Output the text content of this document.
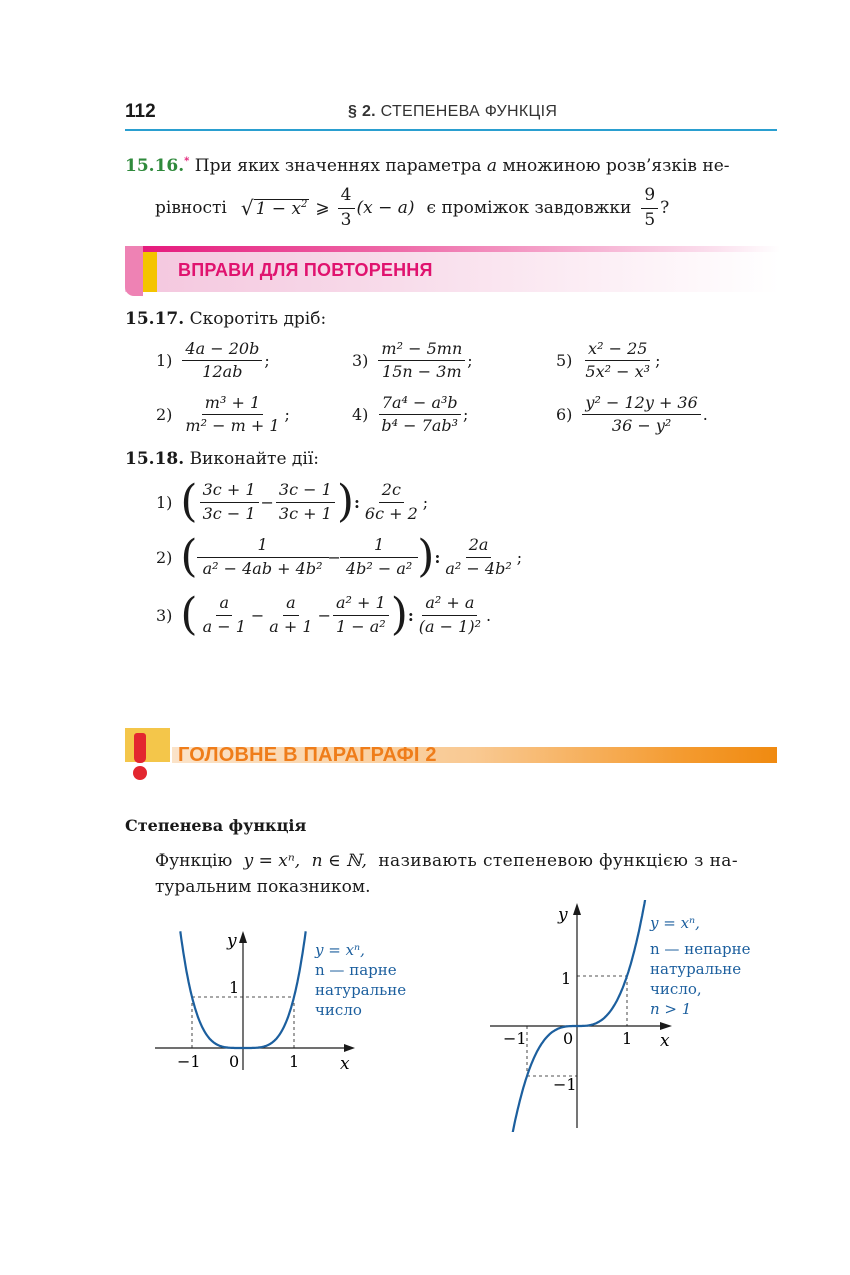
112	§ 2. СТЕПЕНЕВА ФУНКЦІЯ
15.16.* При яких значеннях параметра a множиною розв’язків не-
рівності √ $1 - x^2$ ⩾ $\frac{4}{3} (x - a)$ є проміжок завдовжки $\frac{9}{5}$ ?
ВПРАВИ ДЛЯ ПОВТОРЕННЯ
15.17. Скоротіть дріб:
$1) \frac{4a - 20b}{12ab}$ ;
$2) \frac{\text{m³ + 1}}{\text{m² − m + 1}}$ ;
$3) \frac{\text{m² − 5mn}}{15n - 3m}$ ;
$4) \frac{\text{7a⁴ − a³b}}{\text{b⁴ − 7ab³}}$ ;
$5) \frac{\text{x² − 25}}{\text{5x² − x³}}$ ;
$6) \frac{\text{y² − 12y + 36}}{\text{36 − y²}}$ .
15.18. Виконайте дії:
1) ( $\frac{3c + 1}{3c - 1} - \frac{3c - 1}{3c + 1}$ ) : $\frac{2c}{6c + 2}$ ;
2) ( $\frac{1}{\text{a² − 4ab + 4b²}} - \frac{1}{\text{4b² − a²}}$ ) : $\frac{2a}{\text{a² − 4b²}}$ ;
3) ( $\frac{a}{a - 1} - \frac{a}{a + 1} - \frac{\text{a² + 1}}{\text{1 − a²}}$ ) : $\frac{\text{a² + a}}{\text{(a − 1)²}}$ .
ГОЛОВНЕ В ПАРАГРАФІ 2
Степенева функція
Функцію y = xⁿ, n ∈ ℕ, називають степеневою функцією з на-
туральним показником.
y
x
1
−1 0	1
y = xⁿ,
n — парне
натуральне
число
y
x
1
−1 0	1
−1
y = xⁿ,
n — непарне
натуральне
число,
n > 1
